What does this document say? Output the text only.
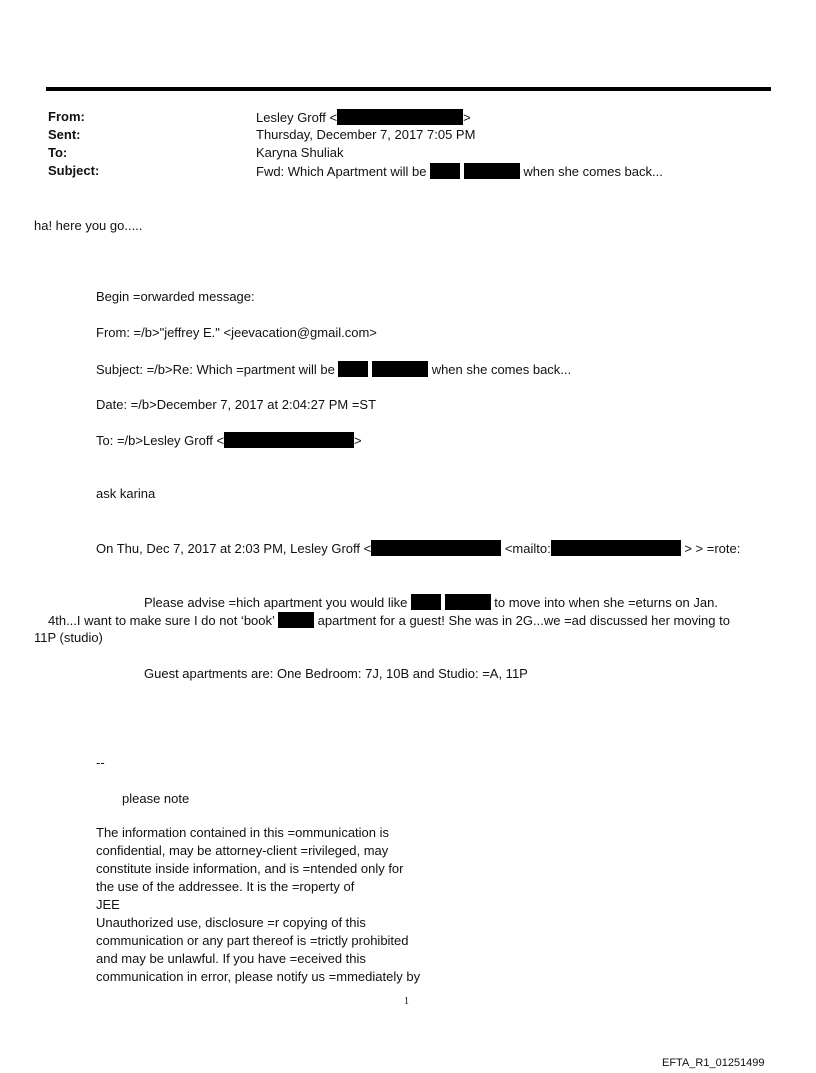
From:	Lesley Groff <	>
Sent:	Thursday, December 7, 2017 7:05 PM
To:	Karyna Shuliak
Subject:	Fwd: Which Apartment will be	when she comes back...
ha! here you go.....
Begin =orwarded message:
From: =/b>"jeffrey E." <jeevacation@gmail.com>
Subject: =/b>Re: Which =partment will be	when she comes back...
Date: =/b>December 7, 2017 at 2:04:27 PM =ST
To: =/b>Lesley Groff <	>
ask karina
On Thu, Dec 7, 2017 at 2:03 PM, Lesley Groff <	<mailto:	> > =rote:
Please advise =hich apartment you would like	to move into when she =eturns on Jan.
4th...I want to make sure I do not ‘book’	apartment for a guest! She was in 2G...we =ad discussed her moving to
11P (studio)
Guest apartments are: One Bedroom: 7J, 10B and Studio: =A, 11P
--
please note
The information contained in this =ommunication is
confidential, may be attorney-client =rivileged, may
constitute inside information, and is =ntended only for
the use of the addressee. It is the =roperty of
JEE
Unauthorized use, disclosure =r copying of this
communication or any part thereof is =trictly prohibited
and may be unlawful. If you have =eceived this
communication in error, please notify us =mmediately by
1
EFTA_R1_01251499
